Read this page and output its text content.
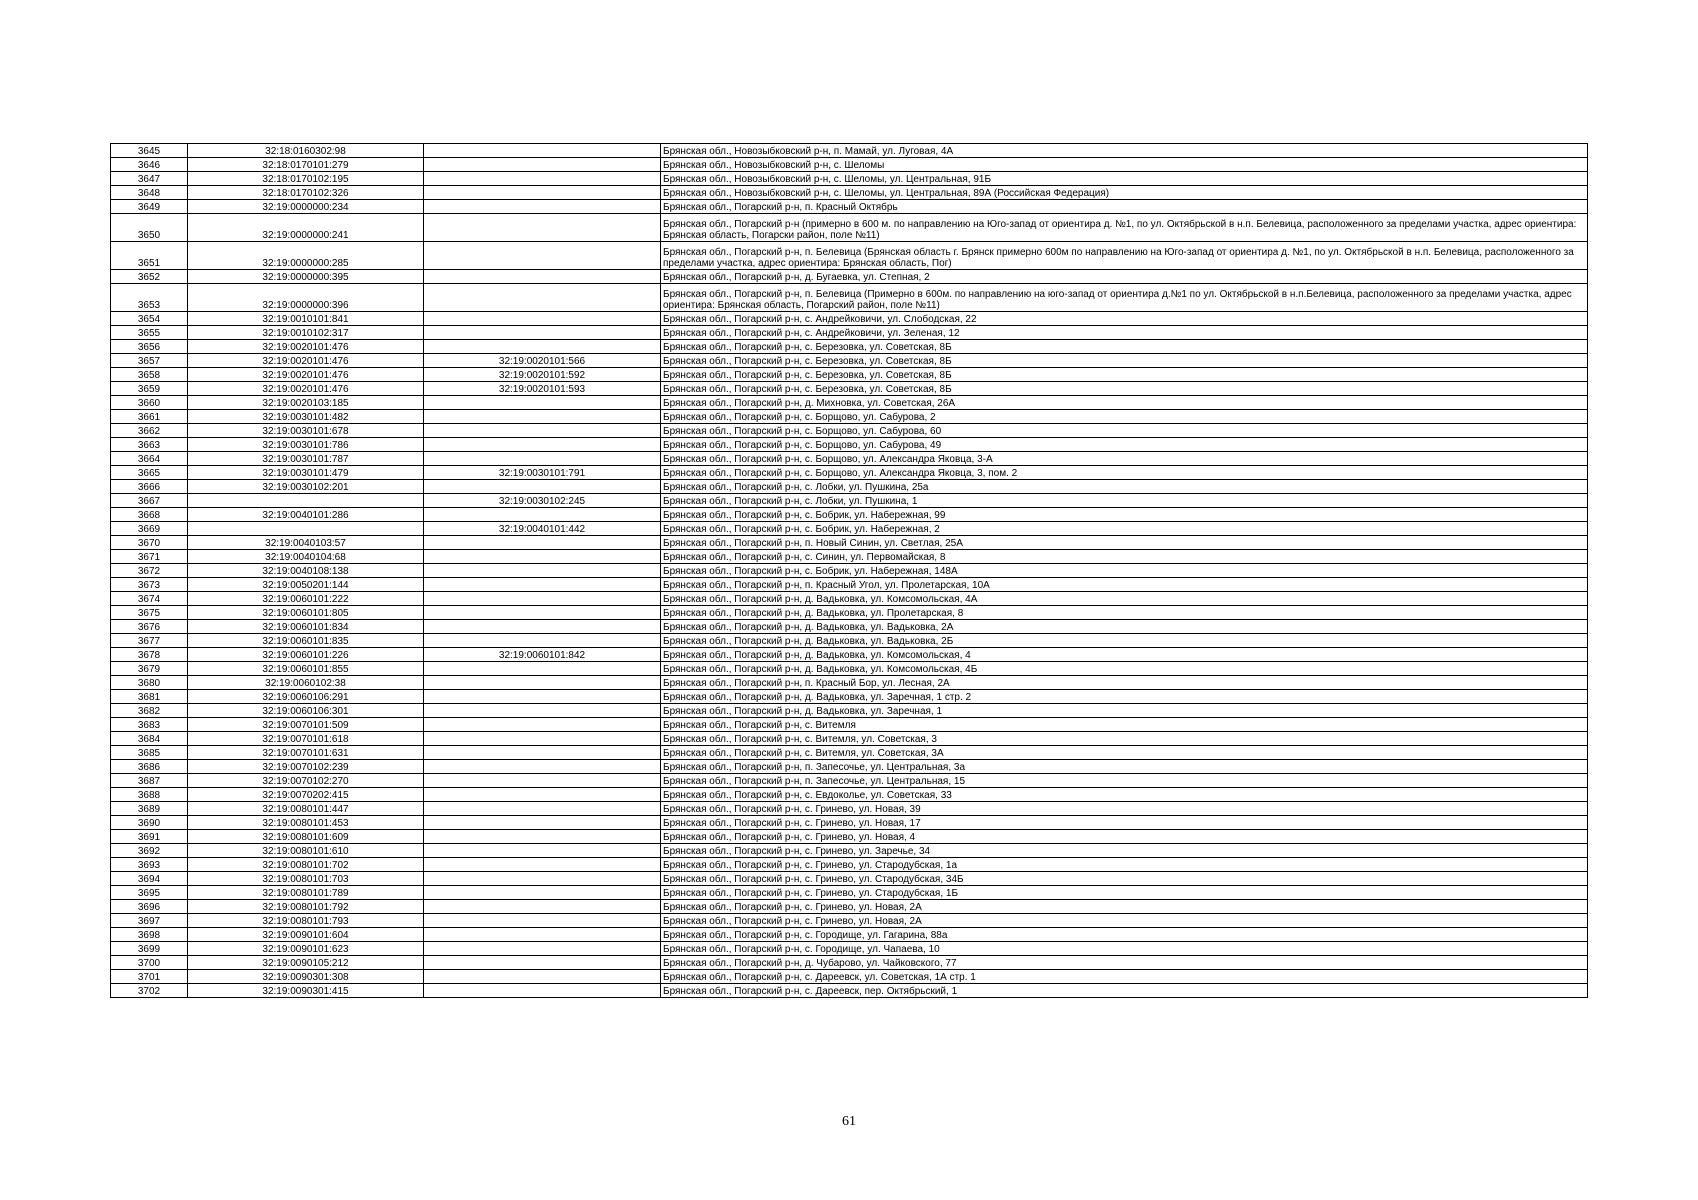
3645	32:18:0160302:98		Брянская обл., Новозыбковский р-н, п. Мамай, ул. Луговая, 4А
3646	32:18:0170101:279		Брянская обл., Новозыбковский р-н, с. Шеломы
3647	32:18:0170102:195		Брянская обл., Новозыбковский р-н, с. Шеломы, ул. Центральная, 91Б
3648	32:18:0170102:326		Брянская обл., Новозыбковский р-н, с. Шеломы, ул. Центральная, 89А (Российская Федерация)
3649	32:19:0000000:234		Брянская обл., Погарский р-н, п. Красный Октябрь
3650	32:19:0000000:241		Брянская обл., Погарский р-н (примерно в 600 м. по направлению на Юго-запад от ориентира д. №1, по ул. Октябрьской в н.п. Белевица, расположенного за пределами участка, адрес ориентира: Брянская область, Погарски район, поле №11)
3651	32:19:0000000:285		Брянская обл., Погарский р-н, п. Белевица (Брянская область г. Брянск примерно 600м по направлению на Юго-запад от ориентира д. №1, по ул. Октябрьской в н.п. Белевица, расположенного за пределами участка, адрес ориентира: Брянская область, Пог)
3652	32:19:0000000:395		Брянская обл., Погарский р-н, д. Бугаевка, ул. Степная, 2
3653	32:19:0000000:396		Брянская обл., Погарский р-н, п. Белевица (Примерно в 600м. по направлению на юго-запад от ориентира д.№1 по ул. Октябрьской в н.п.Белевица, расположенного за пределами участка, адрес ориентира: Брянская область, Погарский район, поле №11)
3654	32:19:0010101:841		Брянская обл., Погарский р-н, с. Андрейковичи, ул. Слободская, 22
3655	32:19:0010102:317		Брянская обл., Погарский р-н, с. Андрейковичи, ул. Зеленая, 12
3656	32:19:0020101:476		Брянская обл., Погарский р-н, с. Березовка, ул. Советская, 8Б
3657	32:19:0020101:476	32:19:0020101:566	Брянская обл., Погарский р-н, с. Березовка, ул. Советская, 8Б
3658	32:19:0020101:476	32:19:0020101:592	Брянская обл., Погарский р-н, с. Березовка, ул. Советская, 8Б
3659	32:19:0020101:476	32:19:0020101:593	Брянская обл., Погарский р-н, с. Березовка, ул. Советская, 8Б
3660	32:19:0020103:185		Брянская обл., Погарский р-н, д. Михновка, ул. Советская, 26А
3661	32:19:0030101:482		Брянская обл., Погарский р-н, с. Борщово, ул. Сабурова, 2
3662	32:19:0030101:678		Брянская обл., Погарский р-н, с. Борщово, ул. Сабурова, 60
3663	32:19:0030101:786		Брянская обл., Погарский р-н, с. Борщово, ул. Сабурова, 49
3664	32:19:0030101:787		Брянская обл., Погарский р-н, с. Борщово, ул. Александра Яковца, 3-А
3665	32:19:0030101:479	32:19:0030101:791	Брянская обл., Погарский р-н, с. Борщово, ул. Александра Яковца, 3, пом. 2
3666	32:19:0030102:201		Брянская обл., Погарский р-н, с. Лобки, ул. Пушкина, 25а
3667		32:19:0030102:245	Брянская обл., Погарский р-н, с. Лобки, ул. Пушкина, 1
3668	32:19:0040101:286		Брянская обл., Погарский р-н, с. Бобрик, ул. Набережная, 99
3669		32:19:0040101:442	Брянская обл., Погарский р-н, с. Бобрик, ул. Набережная, 2
3670	32:19:0040103:57		Брянская обл., Погарский р-н, п. Новый Синин, ул. Светлая, 25А
3671	32:19:0040104:68		Брянская обл., Погарский р-н, с. Синин, ул. Первомайская, 8
3672	32:19:0040108:138		Брянская обл., Погарский р-н, с. Бобрик, ул. Набережная, 148А
3673	32:19:0050201:144		Брянская обл., Погарский р-н, п. Красный Угол, ул. Пролетарская, 10А
3674	32:19:0060101:222		Брянская обл., Погарский р-н, д. Вадьковка, ул. Комсомольская, 4А
3675	32:19:0060101:805		Брянская обл., Погарский р-н, д. Вадьковка, ул. Пролетарская, 8
3676	32:19:0060101:834		Брянская обл., Погарский р-н, д. Вадьковка, ул. Вадьковка, 2А
3677	32:19:0060101:835		Брянская обл., Погарский р-н, д. Вадьковка, ул. Вадьковка, 2Б
3678	32:19:0060101:226	32:19:0060101:842	Брянская обл., Погарский р-н, д. Вадьковка, ул. Комсомольская, 4
3679	32:19:0060101:855		Брянская обл., Погарский р-н, д. Вадьковка, ул. Комсомольская, 4Б
3680	32:19:0060102:38		Брянская обл., Погарский р-н, п. Красный Бор, ул. Лесная, 2А
3681	32:19:0060106:291		Брянская обл., Погарский р-н, д. Вадьковка, ул. Заречная, 1 стр. 2
3682	32:19:0060106:301		Брянская обл., Погарский р-н, д. Вадьковка, ул. Заречная, 1
3683	32:19:0070101:509		Брянская обл., Погарский р-н, с. Витемля
3684	32:19:0070101:618		Брянская обл., Погарский р-н, с. Витемля, ул. Советская, 3
3685	32:19:0070101:631		Брянская обл., Погарский р-н, с. Витемля, ул. Советская, 3А
3686	32:19:0070102:239		Брянская обл., Погарский р-н, п. Запесочье, ул. Центральная, 3а
3687	32:19:0070102:270		Брянская обл., Погарский р-н, п. Запесочье, ул. Центральная, 15
3688	32:19:0070202:415		Брянская обл., Погарский р-н, с. Евдоколье, ул. Советская, 33
3689	32:19:0080101:447		Брянская обл., Погарский р-н, с. Гринево, ул. Новая, 39
3690	32:19:0080101:453		Брянская обл., Погарский р-н, с. Гринево, ул. Новая, 17
3691	32:19:0080101:609		Брянская обл., Погарский р-н, с. Гринево, ул. Новая, 4
3692	32:19:0080101:610		Брянская обл., Погарский р-н, с. Гринево, ул. Заречье, 34
3693	32:19:0080101:702		Брянская обл., Погарский р-н, с. Гринево, ул. Стародубская, 1а
3694	32:19:0080101:703		Брянская обл., Погарский р-н, с. Гринево, ул. Стародубская, 34Б
3695	32:19:0080101:789		Брянская обл., Погарский р-н, с. Гринево, ул. Стародубская, 1Б
3696	32:19:0080101:792		Брянская обл., Погарский р-н, с. Гринево, ул. Новая, 2А
3697	32:19:0080101:793		Брянская обл., Погарский р-н, с. Гринево, ул. Новая, 2А
3698	32:19:0090101:604		Брянская обл., Погарский р-н, с. Городище, ул. Гагарина, 88а
3699	32:19:0090101:623		Брянская обл., Погарский р-н, с. Городище, ул. Чапаева, 10
3700	32:19:0090105:212		Брянская обл., Погарский р-н, д. Чубарово, ул. Чайковского, 77
3701	32:19:0090301:308		Брянская обл., Погарский р-н, с. Дареевск, ул. Советская, 1А стр. 1
3702	32:19:0090301:415		Брянская обл., Погарский р-н, с. Дареевск, пер. Октябрьский, 1
61
